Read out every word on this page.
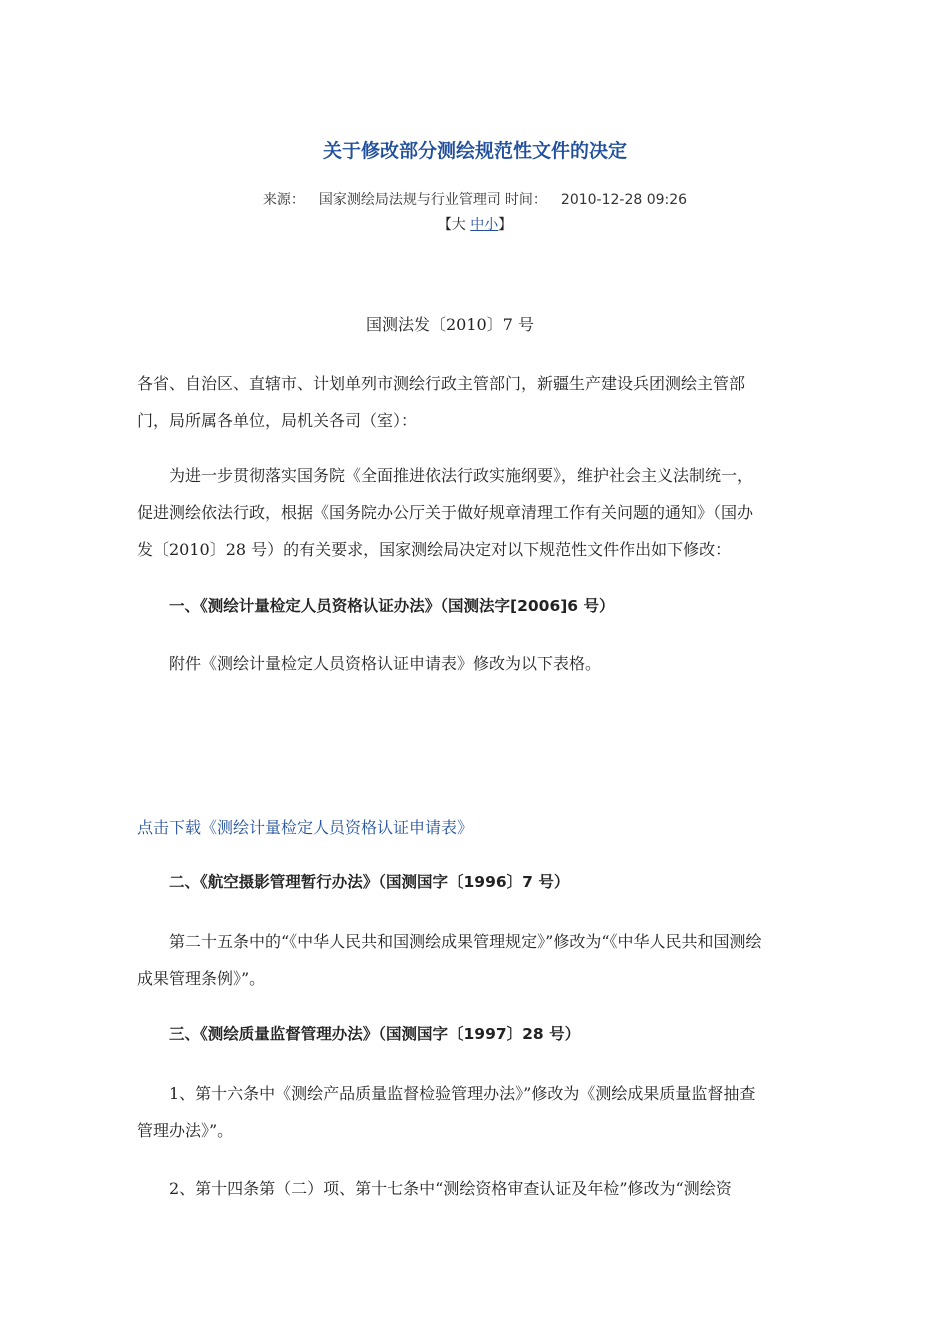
关于修改部分测绘规范性文件的决定
来源： 国家测绘局法规与行业管理司 时间： 2010-12-28 09:26
【大 中小】
国测法发〔2010〕7 号

各省、自治区、直辖市、计划单列市测绘行政主管部门，新疆生产建设兵团测绘主管部门，局所属各单位，局机关各司（室）：

为进一步贯彻落实国务院《全面推进依法行政实施纲要》，维护社会主义法制统一，促进测绘依法行政，根据《国务院办公厅关于做好规章清理工作有关问题的通知》（国办发〔2010〕28 号）的有关要求，国家测绘局决定对以下规范性文件作出如下修改：

一、《测绘计量检定人员资格认证办法》（国测法字[2006]6 号）

附件《测绘计量检定人员资格认证申请表》修改为以下表格。

点击下载《测绘计量检定人员资格认证申请表》

二、《航空摄影管理暂行办法》（国测国字〔1996〕7 号）

第二十五条中的“《中华人民共和国测绘成果管理规定》”修改为“《中华人民共和国测绘成果管理条例》”。

三、《测绘质量监督管理办法》（国测国字〔1997〕28 号）

1、第十六条中《测绘产品质量监督检验管理办法》”修改为《测绘成果质量监督抽查管理办法》”。

2、第十四条第（二）项、第十七条中“测绘资格审查认证及年检”修改为“测绘资
